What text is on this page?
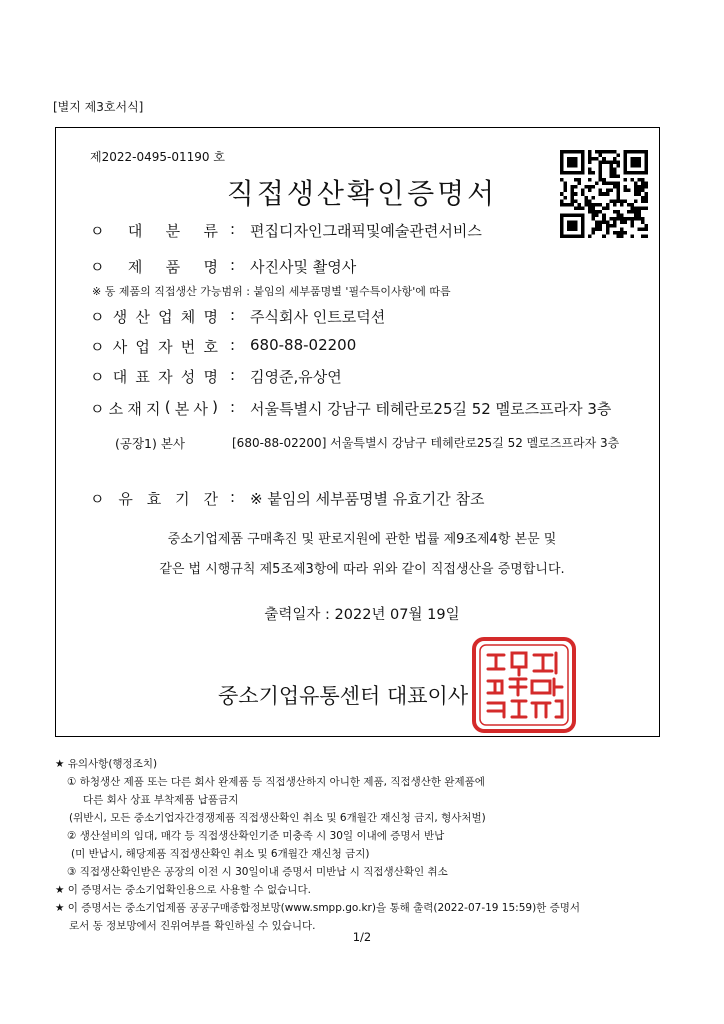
[별지 제3호서식]
제2022-0495-01190 호
직접생산확인증명서
ㅇ 대 분 류 : 편집디자인그래픽및예술관련서비스
ㅇ 제 품 명 : 사진사및 촬영사
ㅇ 생 산 업 체 명 : 주식회사 인트로덕션
ㅇ 사 업 자 번 호 : 680-88-02200
ㅇ 대 표 자 성 명 : 김영준,유상연
ㅇ 소 재 지 ( 본 사 ) : 서울특별시 강남구 테헤란로25길 52 멜로즈프라자 3층
ㅇ 유 효 기 간 : ※ 붙임의 세부품명별 유효기간 참조
※ 동 제품의 직접생산 가능범위 : 붙임의 세부품명별 '필수특이사항'에 따름
(공장1) 본사	[680-88-02200] 서울특별시 강남구 테헤란로25길 52 멜로즈프라자 3층
중소기업제품 구매촉진 및 판로지원에 관한 법률 제9조제4항 본문 및
같은 법 시행규칙 제5조제3항에 따라 위와 같이 직접생산을 증명합니다.
출력일자 : 2022년 07월 19일
중소기업유통센터 대표이사
★ 유의사항(행정조치)
① 하청생산 제품 또는 다른 회사 완제품 등 직접생산하지 아니한 제품, 직접생산한 완제품에
다른 회사 상표 부착제품 납품금지
(위반시, 모든 중소기업자간경쟁제품 직접생산확인 취소 및 6개월간 재신청 금지, 형사처벌)
② 생산설비의 임대, 매각 등 직접생산확인기준 미충족 시 30일 이내에 증명서 반납
(미 반납시, 해당제품 직접생산확인 취소 및 6개월간 재신청 금지)
③ 직접생산확인받은 공장의 이전 시 30일이내 증명서 미반납 시 직접생산확인 취소
★ 이 증명서는 중소기업확인용으로 사용할 수 없습니다.
★ 이 증명서는 중소기업제품 공공구매종합정보망(www.smpp.go.kr)을 통해 출력(2022-07-19 15:59)한 증명서
로서 동 정보망에서 진위여부를 확인하실 수 있습니다.
1/2
